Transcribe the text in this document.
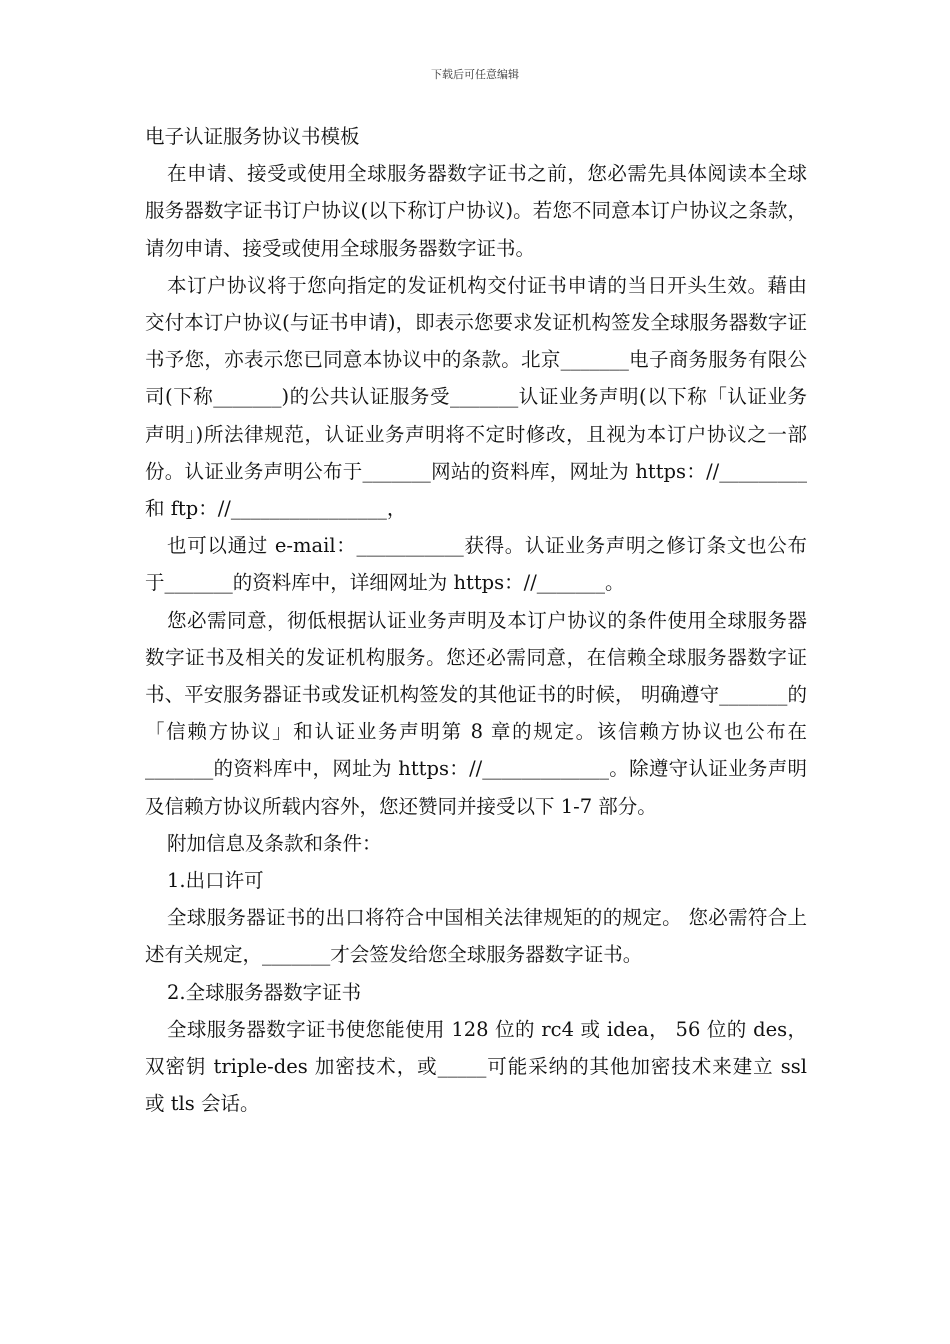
下载后可任意编辑

电子认证服务协议书模板

在申请、接受或使用全球服务器数字证书之前，您必需先具体阅读本全球服务器数字证书订户协议(以下称订户协议)。若您不同意本订户协议之条款，请勿申请、接受或使用全球服务器数字证书。

本订户协议将于您向指定的发证机构交付证书申请的当日开头生效。藉由交付本订户协议(与证书申请)，即表示您要求发证机构签发全球服务器数字证书予您，亦表示您已同意本协议中的条款。北京_______电子商务服务有限公司(下称_______)的公共认证服务受_______认证业务声明(以下称「认证业务声明」)所法律规范，认证业务声明将不定时修改，且视为本订户协议之一部份。认证业务声明公布于_______网站的资料库，网址为 https：//_________和 ftp：//________________，

也可以通过 e-mail：___________获得。认证业务声明之修订条文也公布于_______的资料库中，详细网址为 https：//_______。

您必需同意，彻低根据认证业务声明及本订户协议的条件使用全球服务器数字证书及相关的发证机构服务。您还必需同意，在信赖全球服务器数字证书、平安服务器证书或发证机构签发的其他证书的时候， 明确遵守_______的「信赖方协议」和认证业务声明第 8 章的规定。该信赖方协议也公布在_______的资料库中，网址为 https：//_____________。除遵守认证业务声明及信赖方协议所载内容外，您还赞同并接受以下 1-7 部分。

附加信息及条款和条件：

1.出口许可

全球服务器证书的出口将符合中国相关法律规矩的的规定。 您必需符合上述有关规定，_______才会签发给您全球服务器数字证书。

2.全球服务器数字证书

全球服务器数字证书使您能使用 128 位的 rc4 或 idea， 56 位的 des，双密钥 triple-des 加密技术，或_____可能采纳的其他加密技术来建立 ssl 或 tls 会话。
